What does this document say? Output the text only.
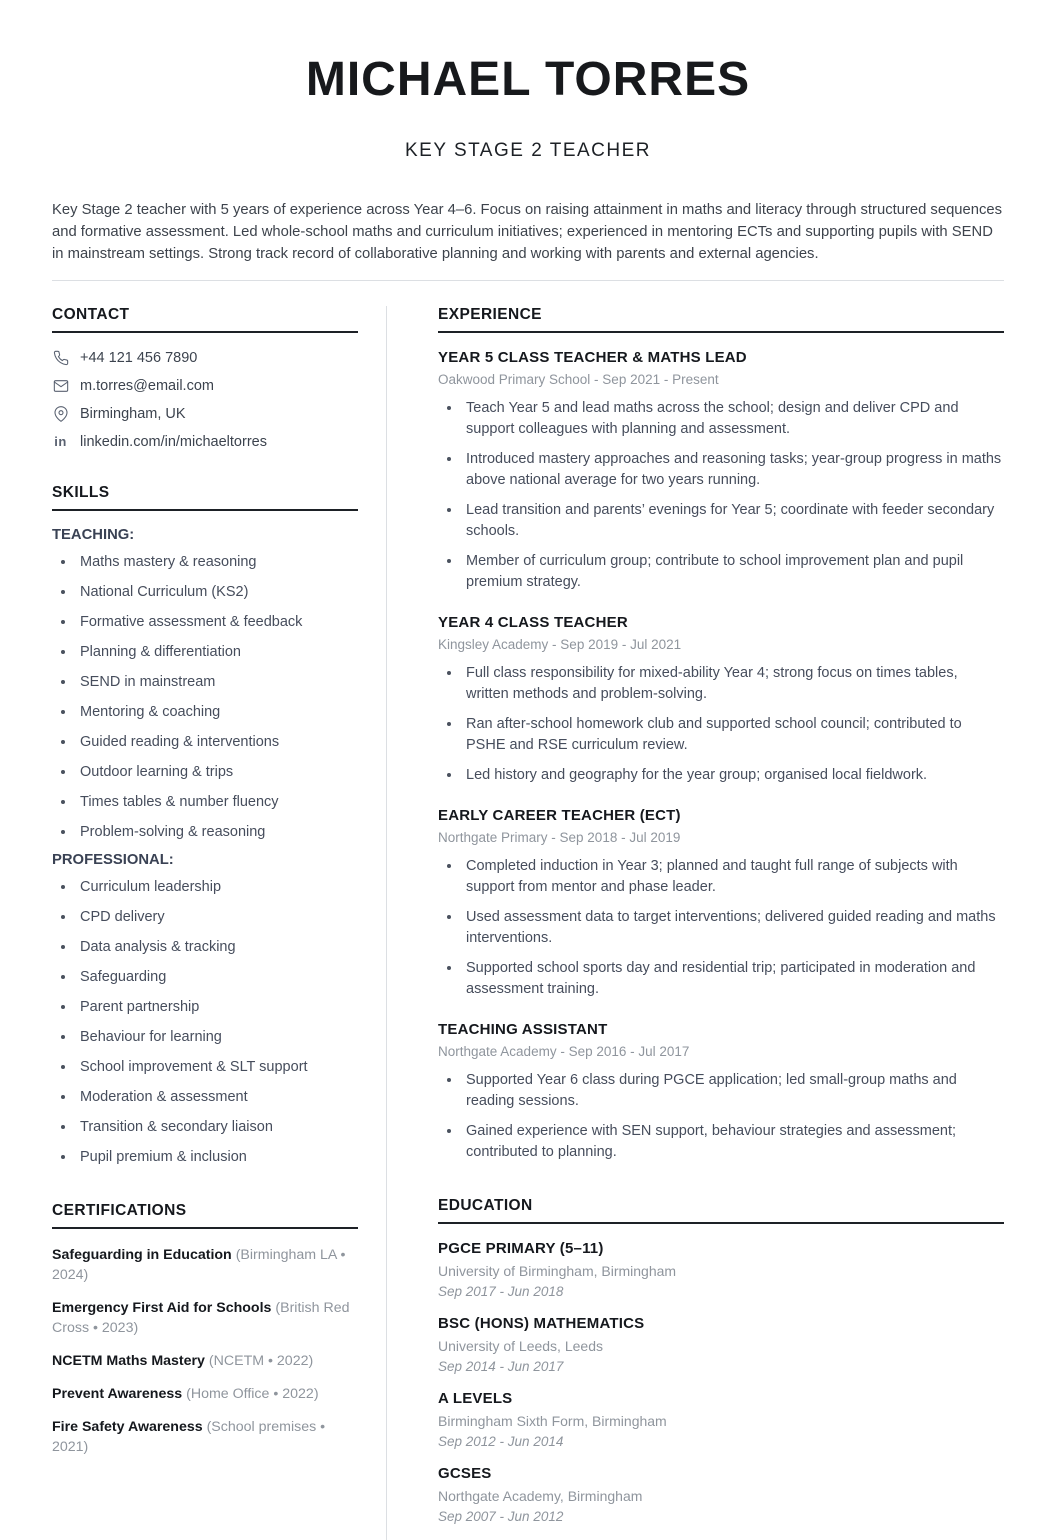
MICHAEL TORRES
KEY STAGE 2 TEACHER

Key Stage 2 teacher with 5 years of experience across Year 4–6. Focus on raising attainment in maths and literacy through structured sequences and formative assessment. Led whole-school maths and curriculum initiatives; experienced in mentoring ECTs and supporting pupils with SEND in mainstream settings. Strong track record of collaborative planning and working with parents and external agencies.

CONTACT
+44 121 456 7890
m.torres@email.com
Birmingham, UK
in linkedin.com/in/michaeltorres
SKILLS
TEACHING:
Maths mastery & reasoning
National Curriculum (KS2)
Formative assessment & feedback
Planning & differentiation
SEND in mainstream
Mentoring & coaching
Guided reading & interventions
Outdoor learning & trips
Times tables & number fluency
Problem-solving & reasoning
PROFESSIONAL:
Curriculum leadership
CPD delivery
Data analysis & tracking
Safeguarding
Parent partnership
Behaviour for learning
School improvement & SLT support
Moderation & assessment
Transition & secondary liaison
Pupil premium & inclusion
CERTIFICATIONS
Safeguarding in Education (Birmingham LA • 2024)
Emergency First Aid for Schools (British Red Cross • 2023)
NCETM Maths Mastery (NCETM • 2022)
Prevent Awareness (Home Office • 2022)
Fire Safety Awareness (School premises • 2021)
EXPERIENCE
YEAR 5 CLASS TEACHER & MATHS LEAD
Oakwood Primary School - Sep 2021 - Present
Teach Year 5 and lead maths across the school; design and deliver CPD and support colleagues with planning and assessment.
Introduced mastery approaches and reasoning tasks; year-group progress in maths above national average for two years running.
Lead transition and parents’ evenings for Year 5; coordinate with feeder secondary schools.
Member of curriculum group; contribute to school improvement plan and pupil premium strategy.
YEAR 4 CLASS TEACHER
Kingsley Academy - Sep 2019 - Jul 2021
Full class responsibility for mixed-ability Year 4; strong focus on times tables, written methods and problem-solving.
Ran after-school homework club and supported school council; contributed to PSHE and RSE curriculum review.
Led history and geography for the year group; organised local fieldwork.
EARLY CAREER TEACHER (ECT)
Northgate Primary - Sep 2018 - Jul 2019
Completed induction in Year 3; planned and taught full range of subjects with support from mentor and phase leader.
Used assessment data to target interventions; delivered guided reading and maths interventions.
Supported school sports day and residential trip; participated in moderation and assessment training.
TEACHING ASSISTANT
Northgate Academy - Sep 2016 - Jul 2017
Supported Year 6 class during PGCE application; led small-group maths and reading sessions.
Gained experience with SEN support, behaviour strategies and assessment; contributed to planning.
EDUCATION
PGCE PRIMARY (5–11)
University of Birmingham, Birmingham
Sep 2017 - Jun 2018
BSC (HONS) MATHEMATICS
University of Leeds, Leeds
Sep 2014 - Jun 2017
A LEVELS
Birmingham Sixth Form, Birmingham
Sep 2012 - Jun 2014
GCSES
Northgate Academy, Birmingham
Sep 2007 - Jun 2012
